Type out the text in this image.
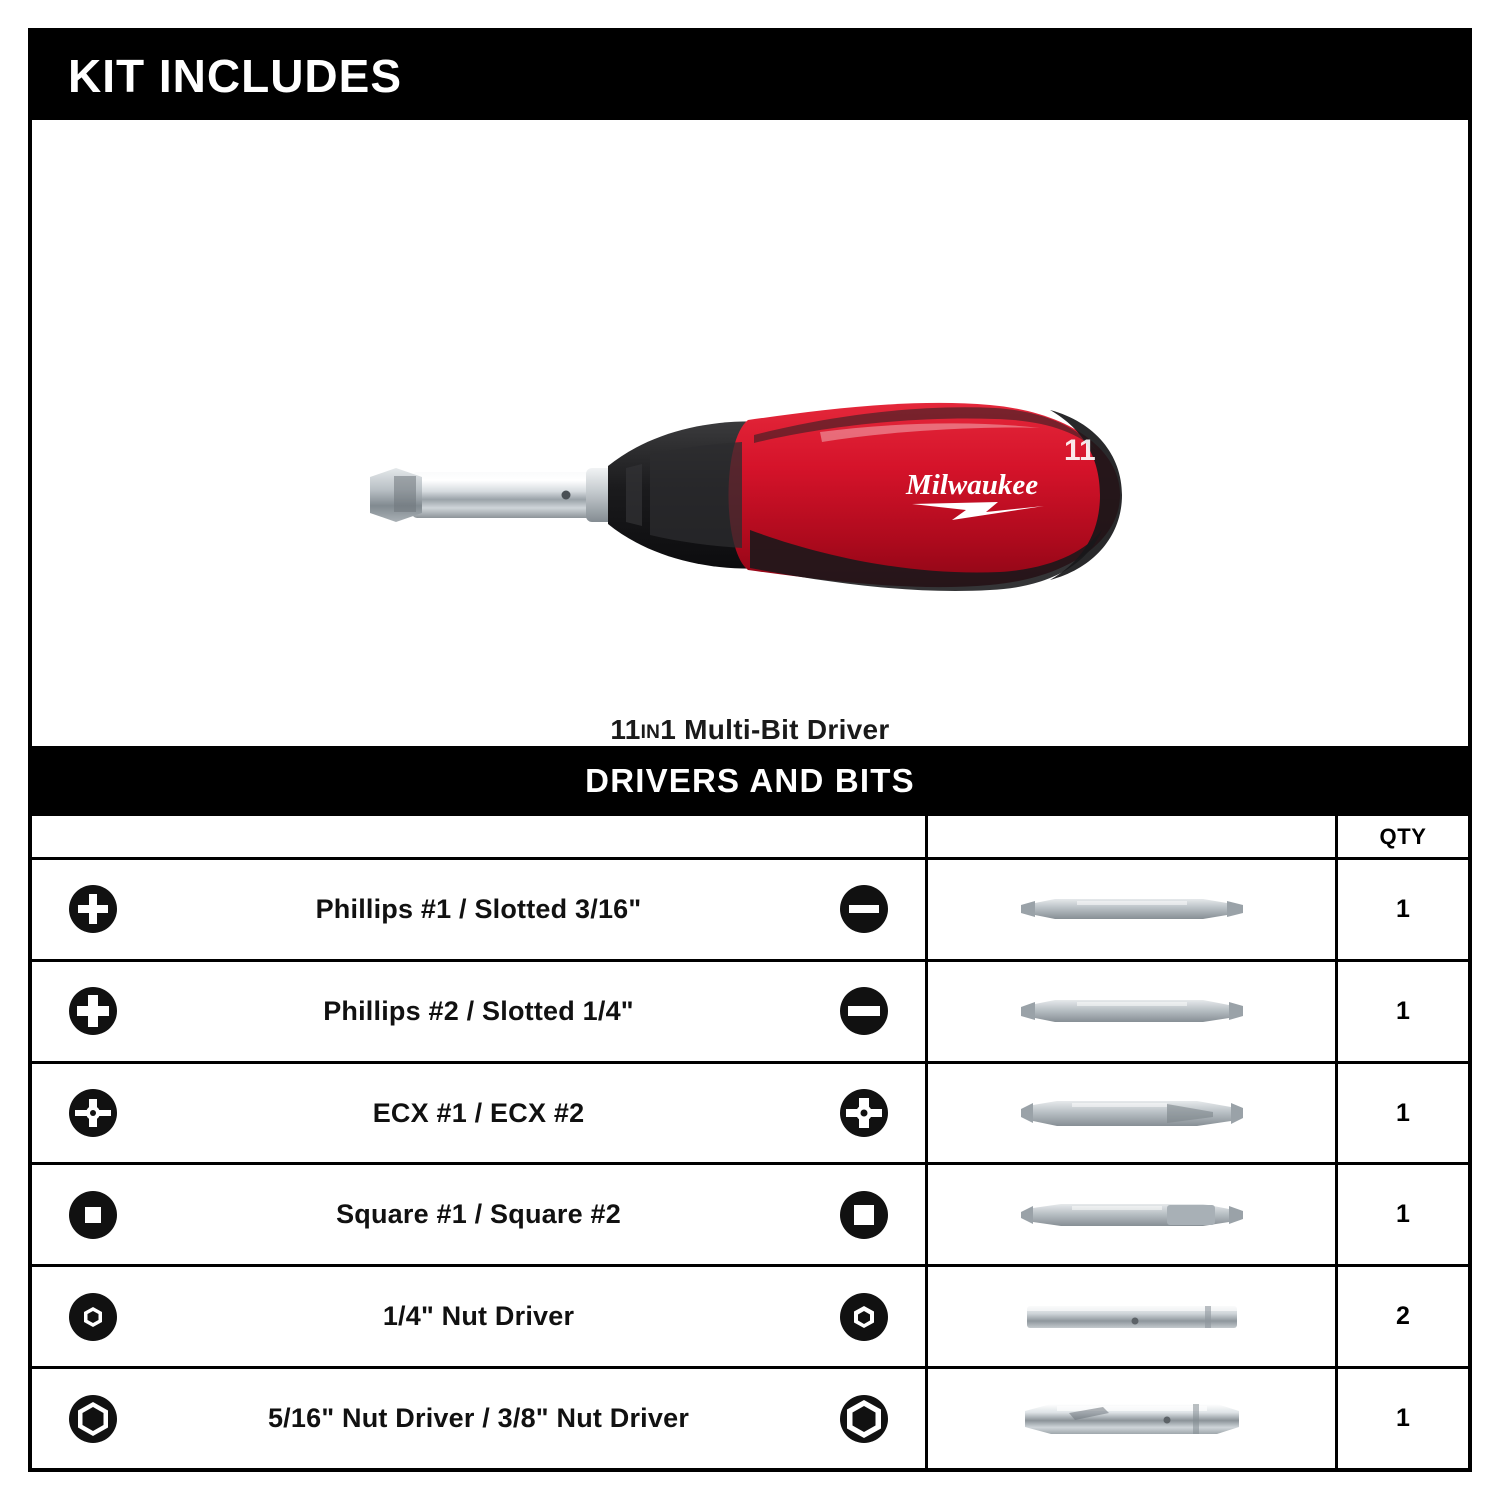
KIT INCLUDES
Milwaukee
11
11IN1 Multi-Bit Driver
DRIVERS AND BITS
QTY
Phillips #1 / Slotted 3/16"	1
Phillips #2 / Slotted 1/4"	1
ECX #1 / ECX #2	1
Square #1 / Square #2	1
1/4" Nut Driver	2
5/16" Nut Driver / 3/8" Nut Driver	1
